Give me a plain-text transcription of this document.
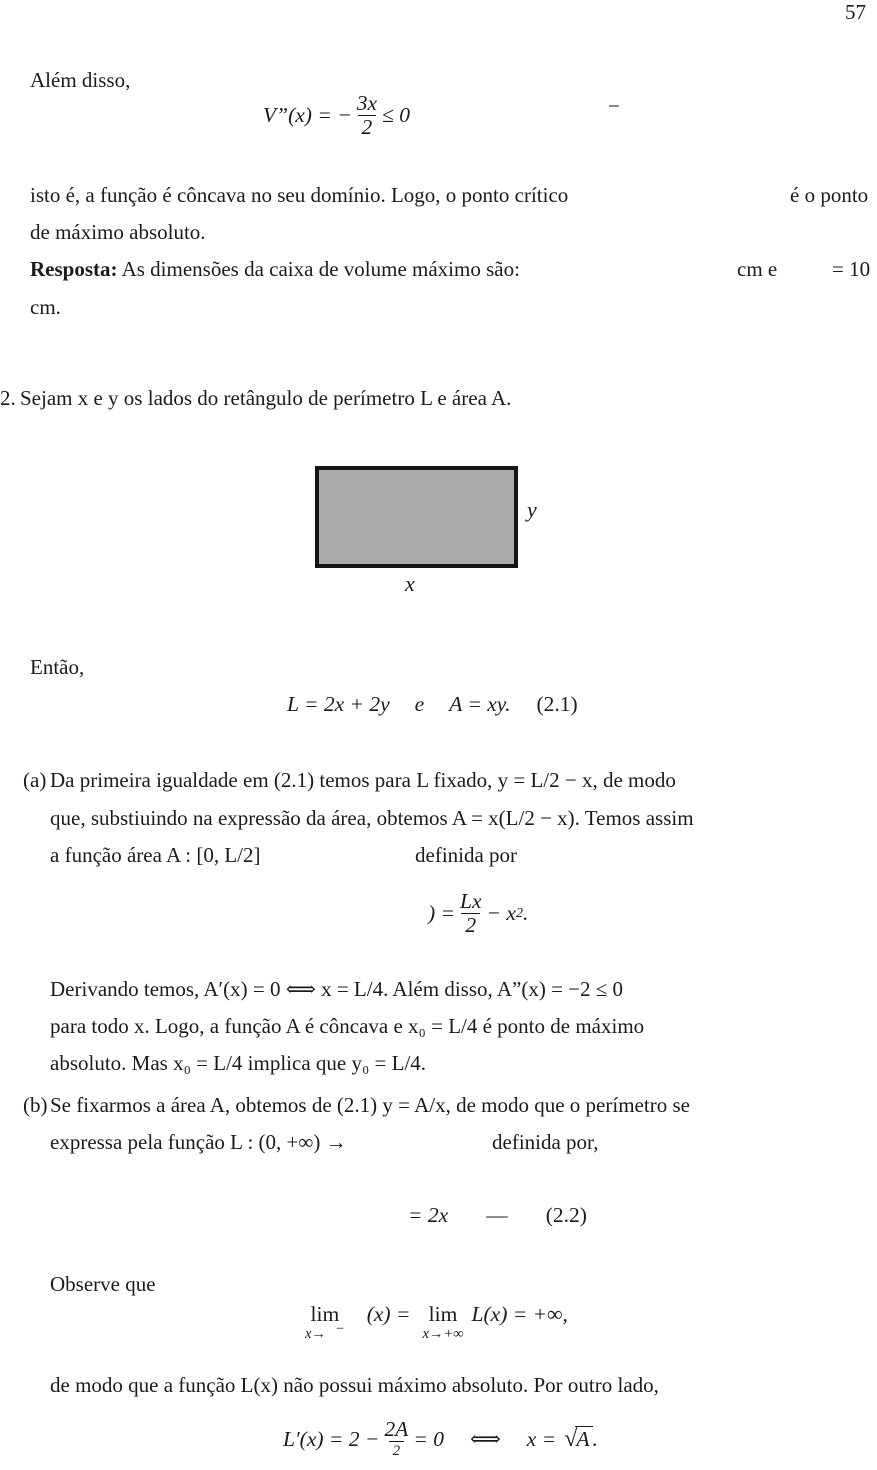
57
Além disso,
V”(x) = − $\frac{3x}{2} \le 0$	−
isto é, a função é côncava no seu domínio. Logo, o ponto crítico	é o ponto
de máximo absoluto.
Resposta: As dimensões da caixa de volume máximo são:	cm e	= 10
cm.
2. Sejam x e y os lados do retângulo de perímetro L e área A.
y
x
Então,
L = 2x + 2y e A = xy. (2.1)
(a) Da primeira igualdade em (2.1) temos para L fixado, y = L/2 − x, de modo
que, substiuindo na expressão da área, obtemos A = x(L/2 − x). Temos assim
a função área A : [0, L/2]	definida por
) = $\frac{Lx}{2} - x$ 2 .
Derivando temos, A′(x) = 0 ⟺ x = L/4. Além disso, A”(x) = −2 ≤ 0
para todo x. Logo, a função A é côncava e x₀ = L/4 é ponto de máximo
absoluto. Mas x₀ = L/4 implica que y₀ = L/4.
(b) Se fixarmos a área A, obtemos de (2.1) y = A/x, de modo que o perímetro se
expressa pela função L : (0, +∞) →	definida por,
= 2x — (2.2)
Observe que
lim
x→ −
(x) = lim
x→+∞
L(x) = +∞,
de modo que a função L(x) não possui máximo absoluto. Por outro lado,
$L'(x) = 2 - \frac{2A}{2} = 0$ ⟺ x = √ A .
